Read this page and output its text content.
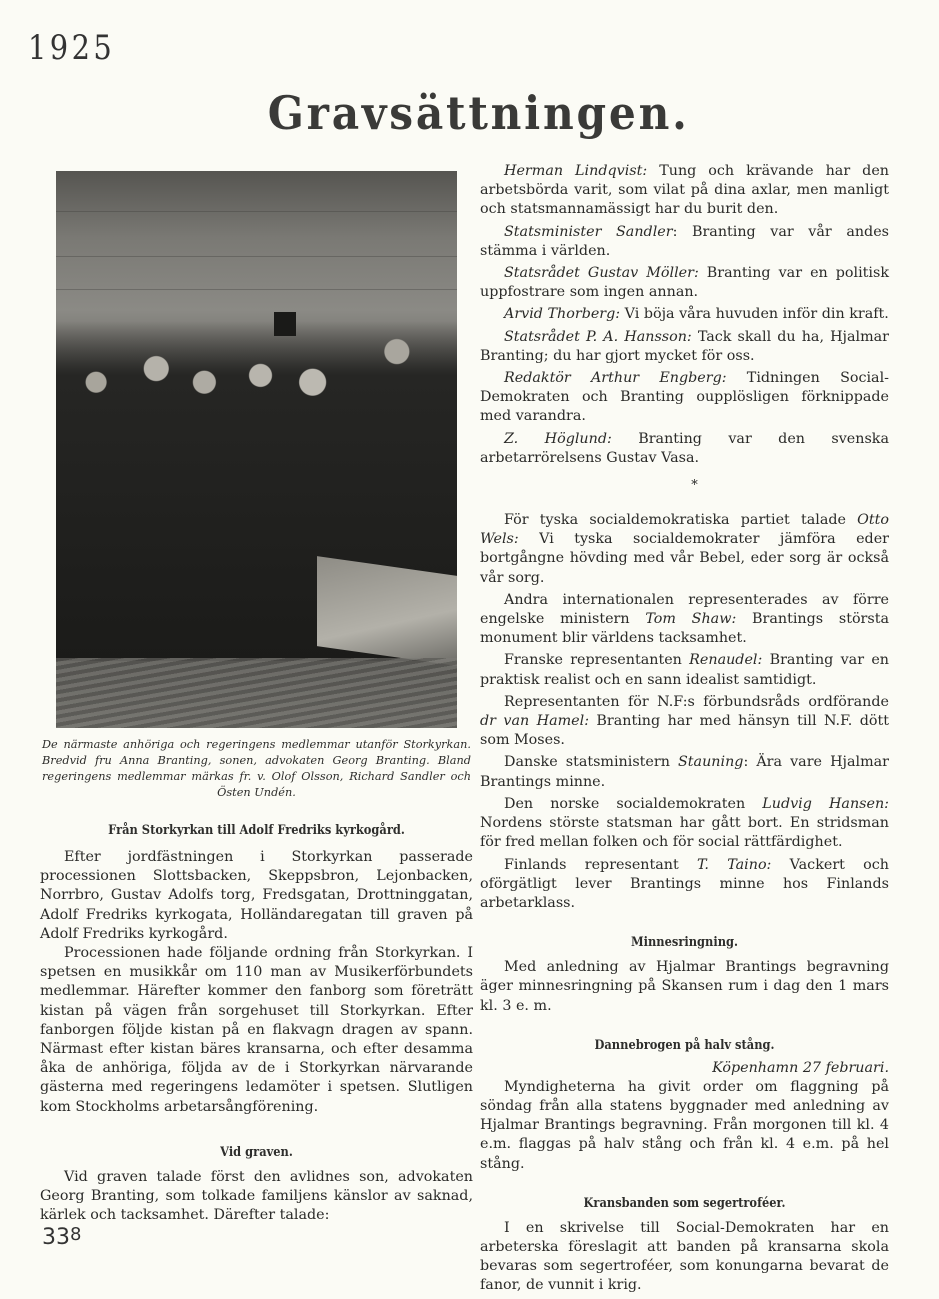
1925
Gravsättningen.
De närmaste anhöriga och regeringens medlemmar utanför Storkyrkan. Bredvid fru Anna Branting, sonen, advokaten Georg Branting. Bland regeringens medlemmar märkas fr. v. Olof Olsson, Richard Sandler och Östen Undén.
Från Storkyrkan till Adolf Fredriks kyrkogård.

Efter jordfästningen i Storkyrkan passerade processionen Slottsbacken, Skeppsbron, Lejonbacken, Norrbro, Gustav Adolfs torg, Fredsgatan, Drottninggatan, Adolf Fredriks kyrkogata, Holländaregatan till graven på Adolf Fredriks kyrkogård.

Processionen hade följande ordning från Storkyrkan. I spetsen en musikkår om 110 man av Musikerförbundets medlemmar. Härefter kommer den fanborg som företrätt kistan på vägen från sorgehuset till Storkyrkan. Efter fanborgen följde kistan på en flakvagn dragen av spann. Närmast efter kistan bäres kransarna, och efter desamma åka de anhöriga, följda av de i Storkyrkan närvarande gästerna med regeringens ledamöter i spetsen. Slutligen kom Stockholms arbetarsångförening.

Vid graven.

Vid graven talade först den avlidnes son, advokaten Georg Branting, som tolkade familjens känslor av saknad, kärlek och tacksamhet. Därefter talade:

Herman Lindqvist: Tung och krävande har den arbetsbörda varit, som vilat på dina axlar, men manligt och statsmannamässigt har du burit den.

Statsminister Sandler: Branting var vår andes stämma i världen.

Statsrådet Gustav Möller: Branting var en politisk uppfostrare som ingen annan.

Arvid Thorberg: Vi böja våra huvuden inför din kraft.

Statsrådet P. A. Hansson: Tack skall du ha, Hjalmar Branting; du har gjort mycket för oss.

Redaktör Arthur Engberg: Tidningen Social-Demokraten och Branting oupplösligen förknippade med varandra.

Z. Höglund: Branting var den svenska arbetarrörelsens Gustav Vasa.

*

För tyska socialdemokratiska partiet talade Otto Wels: Vi tyska socialdemokrater jämföra eder bortgångne hövding med vår Bebel, eder sorg är också vår sorg.

Andra internationalen representerades av förre engelske ministern Tom Shaw: Brantings största monument blir världens tacksamhet.

Franske representanten Renaudel: Branting var en praktisk realist och en sann idealist samtidigt.

Representanten för N.F:s förbundsråds ordförande dr van Hamel: Branting har med hänsyn till N.F. dött som Moses.

Danske statsministern Stauning: Ära vare Hjalmar Brantings minne.

Den norske socialdemokraten Ludvig Hansen: Nordens störste statsman har gått bort. En stridsman för fred mellan folken och för social rättfärdighet.

Finlands representant T. Taino: Vackert och oförgätligt lever Brantings minne hos Finlands arbetarklass.

Minnesringning.

Med anledning av Hjalmar Brantings begravning äger minnesringning på Skansen rum i dag den 1 mars kl. 3 e. m.

Dannebrogen på halv stång.
Köpenhamn 27 februari.

Myndigheterna ha givit order om flaggning på söndag från alla statens byggnader med anledning av Hjalmar Brantings begravning. Från morgonen till kl. 4 e.m. flaggas på halv stång och från kl. 4 e.m. på hel stång.

Kransbanden som segertroféer.

I en skrivelse till Social-Demokraten har en arbeterska föreslagit att banden på kransarna skola bevaras som segertroféer, som konungarna bevarat de fanor, de vunnit i krig.

$33^8$
